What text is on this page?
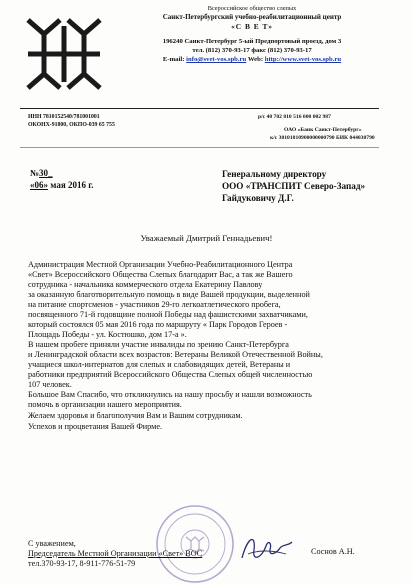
Всероссийское общество слепых
Санкт-Петербургский учебно-реабилитационный центр
«С В Е Т»
196240 Санкт-Петербург 5-ый Предпортовый проезд, дом 3
тел. (812) 370-93-17 факс (812) 370-93-17
E-mail: info@svet-vos.spb.ru Web: http://www.svet-vos.spb.ru
ИНН 7810152540/781001001
ОКОНХ-91800, ОКПО-039 65 755
р/с 40 702 810 516 000 002 987
ОАО «Банк Санкт-Петербург»
к/с 30101810900000000790 БИК 044030790
№30_
«06» мая 2016 г.
Генеральному директору
ООО «ТРАНСПИТ Северо-Запад»
Гайдуковичу Д.Г.
Уважаемый Дмитрий Геннадьевич!
Администрация Местной Организации Учебно-Реабилитационного Центра
«Свет» Всероссийского Общества Слепых благодарит Вас, а так же Вашего
сотрудника - начальника коммерческого отдела Екатерину Павлову
за оказанную благотворительную помощь в виде Вашей продукции, выделенной
на питание спортсменов - участников 29-го легкоатлетического пробега,
посвященного 71-й годовщине полной Победы над фашистскими захватчиками,
который состоялся 05 мая 2016 года по маршруту « Парк Городов Героев -
Площадь Победы - ул. Костюшко, дом 17-а ».
В нашем пробеге приняли участие инвалиды по зрению Санкт-Петербурга
и Ленинградской области всех возрастов: Ветераны Великой Отечественной Войны,
учащиеся школ-интернатов для слепых и слабовидящих детей, Ветераны и
работники предприятий Всероссийского Общества Слепых общей численностью
107 человек.
Большое Вам Спасибо, что откликнулись на нашу просьбу и нашли возможность
помочь в организации нашего мероприятия.
Желаем здоровья и благополучия Вам и Вашим сотрудникам.
Успехов и процветания Вашей Фирме.
С уважением,
Председатель Местной Организации «Свет» ВОС
тел.370-93-17, 8-911-776-51-79
Соснов А.Н.
